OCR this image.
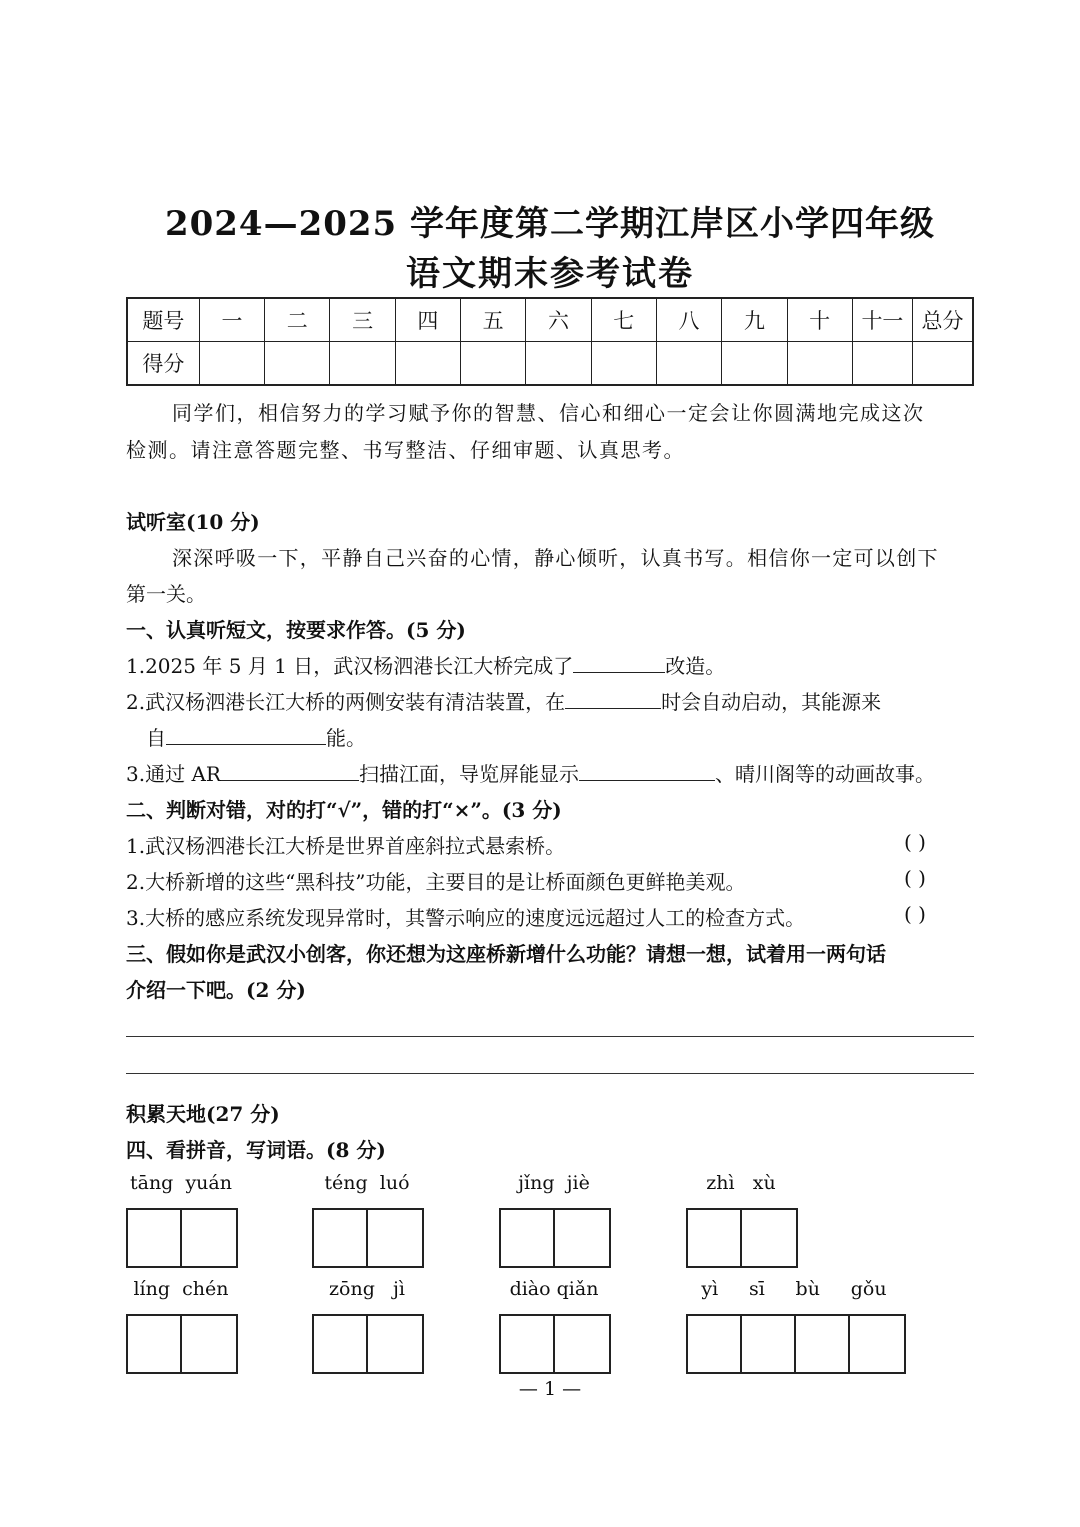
2024—2025 学年度第二学期江岸区小学四年级
语文期末参考试卷
题号	一	二	三	四	五	六	七	八	九	十	十一	总分
得分												
同学们，相信努力的学习赋予你的智慧、信心和细心一定会让你圆满地完成这次
检测。请注意答题完整、书写整洁、仔细审题、认真思考。
试听室(10 分)
深深呼吸一下，平静自己兴奋的心情，静心倾听，认真书写。相信你一定可以创下
第一关。
一、认真听短文，按要求作答。(5 分)
1.2025 年 5 月 1 日，武汉杨泗港长江大桥完成了	改造。
2.武汉杨泗港长江大桥的两侧安装有清洁装置，在	时会自动启动，其能源来
自	能。
3.通过 AR	扫描江面，导览屏能显示	、晴川阁等的动画故事。
二、判断对错，对的打“√”，错的打“×”。(3 分)
1.武汉杨泗港长江大桥是世界首座斜拉式悬索桥。	( )
2.大桥新增的这些“黑科技”功能，主要目的是让桥面颜色更鲜艳美观。	( )
3.大桥的感应系统发现异常时，其警示响应的速度远远超过人工的检查方式。	( )
三、假如你是武汉小创客，你还想为这座桥新增什么功能？请想一想，试着用一两句话
介绍一下吧。(2 分)
积累天地(27 分)
四、看拼音，写词语。(8 分)
tāng yuán	téng luó	jǐng jiè	zhì xù
líng chén	zōng jì	diào qiǎn	yì sī bù gǒu
— 1 —
